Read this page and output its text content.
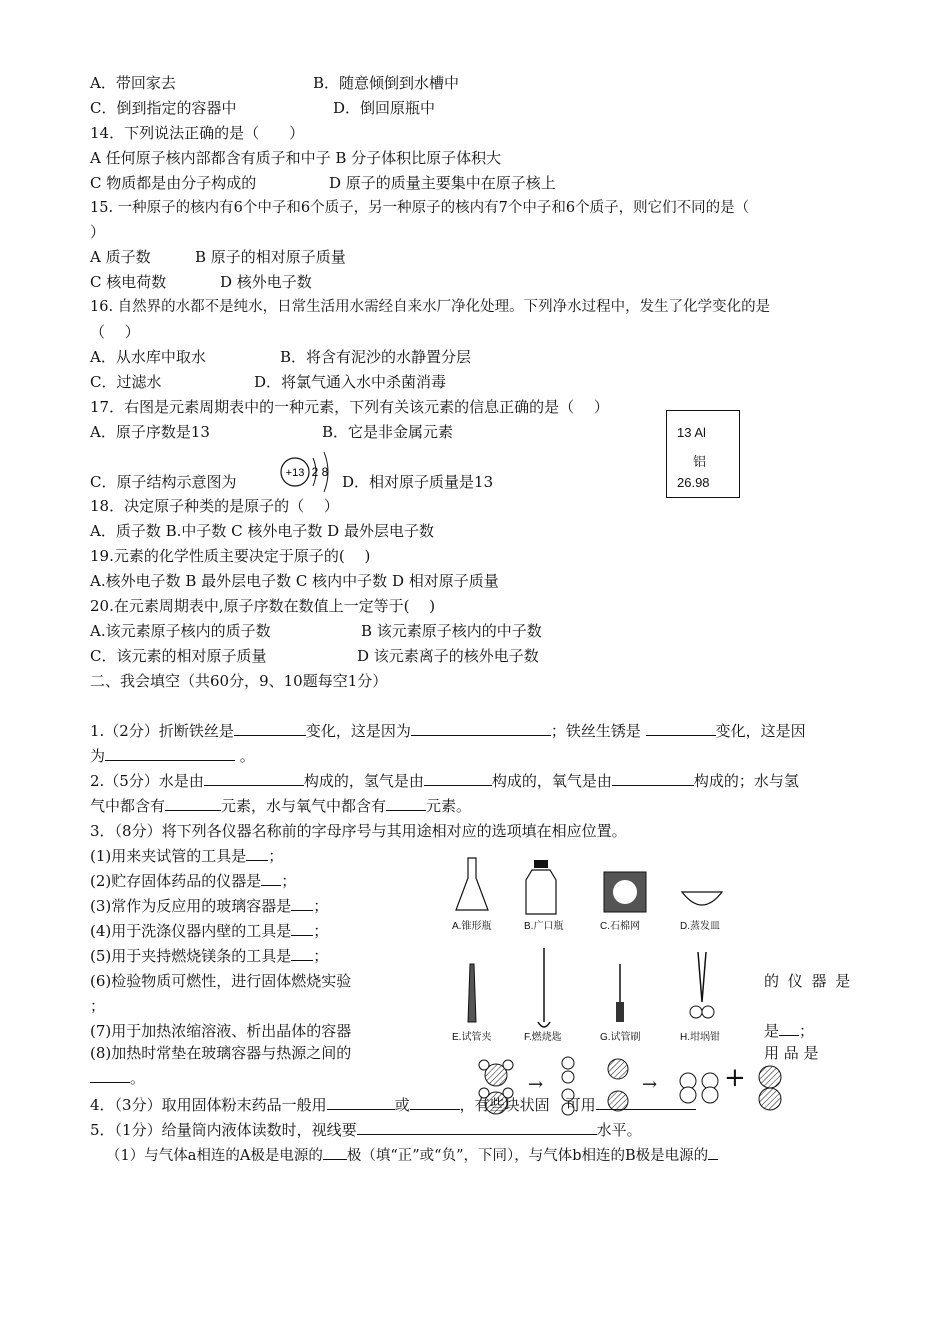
A．带回家去	B．随意倾倒到水槽中
C．倒到指定的容器中	D．倒回原瓶中
14．下列说法正确的是（　　）
A 任何原子核内部都含有质子和中子 B 分子体积比原子体积大
C 物质都是由分子构成的	D 原子的质量主要集中在原子核上
15. 一种原子的核内有6个中子和6个质子，另一种原子的核内有7个中子和6个质子，则它们不同的是（
）
A 质子数	B 原子的相对原子质量
C 核电荷数	D 核外电子数
16. 自然界的水都不是纯水，日常生活用水需经自来水厂净化处理。下列净水过程中，发生了化学变化的是
（　 ）
A．从水库中取水	B．将含有泥沙的水静置分层
C．过滤水	D．将氯气通入水中杀菌消毒
17．右图是元素周期表中的一种元素，下列有关该元素的信息正确的是（　 ）
A．原子序数是13	B．它是非金属元素
C．原子结构示意图为	+13 2 8
D．相对原子质量是13
13 Al
铝
26.98
18．决定原子种类的是原子的（　 ）
A．质子数 B.中子数 C 核外电子数 D 最外层电子数
19.元素的化学性质主要决定于原子的(　 )
A.核外电子数 B 最外层电子数 C 核内中子数 D 相对原子质量
20.在元素周期表中,原子序数在数值上一定等于(　 )
A.该元素原子核内的质子数	B 该元素原子核内的中子数
C．该元素的相对原子质量	D 该元素离子的核外电子数
二、我会填空（共60分，9、10题每空1分）
1.（2分）折断铁丝是	变化，这是因为	；铁丝生锈是	变化，这是因
为	。
2.（5分）水是由	构成的，氢气是由	构成的，氧气是由	构成的；水与氢
气中都含有	元素，水与氧气中都含有	元素。
3．（8分）将下列各仪器名称前的字母序号与其用途相对应的选项填在相应位置。
(1)用来夹试管的工具是 ；
(2)贮存固体药品的仪器是 ；
(3)常作为反应用的玻璃容器是 ；
(4)用于洗涤仪器内壁的工具是 ；
(5)用于夹持燃烧镁条的工具是 ；
(6)检验物质可燃性，进行固体燃烧实验	的 仪 器 是
；
(7)用于加热浓缩溶液、析出晶体的容器	是 ；
(8)加热时常垫在玻璃容器与热源之间的	用 品 是
。
A.锥形瓶	B.广口瓶	C.石棉网	D.蒸发皿
E.试管夹	F.燃烧匙	G.试管刷	H.坩埚钳
→	→	+
4．（3分）取用固体粉末药品一般用	或	，有些块状固 可用
5．（1分）给量筒内液体读数时，视线要	水平。
（1）与气体a相连的A极是电源的 极（填“正”或“负”，下同），与气体b相连的B极是电源的
